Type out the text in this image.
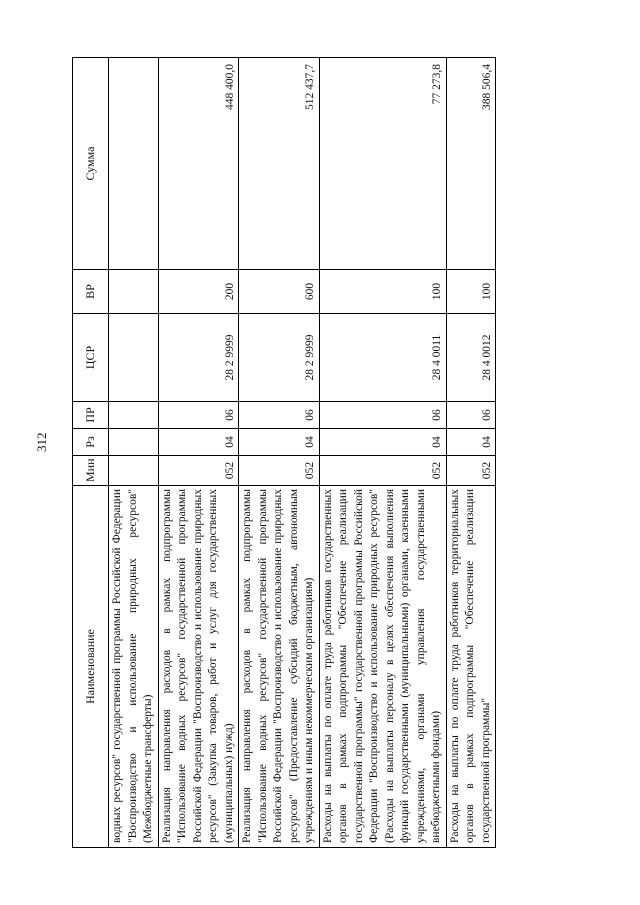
312
Наименование	Мин	Рз	ПР	ЦСР	ВР	Сумма
водных ресурсов" государственной программы Российской Федерации "Воспроизводство и использование природных ресурсов" (Межбюджетные трансферты)						
Реализация направления расходов в рамках подпрограммы "Использование водных ресурсов" государственной программы Российской Федерации "Воспроизводство и использование природных ресурсов" (Закупка товаров, работ и услуг для государственных (муниципальных) нужд)	052	04	06	28 2 9999	200	448 400,0
Реализация направления расходов в рамках подпрограммы "Использование водных ресурсов" государственной программы Российской Федерации "Воспроизводство и использование природных ресурсов" (Предоставление субсидий бюджетным, автономным учреждениям и иным некоммерческим организациям)	052	04	06	28 2 9999	600	512 437,7
Расходы на выплаты по оплате труда работников государственных органов в рамках подпрограммы "Обеспечение реализации государственной программы" государственной программы Российской Федерации "Воспроизводство и использование природных ресурсов" (Расходы на выплаты персоналу в целях обеспечения выполнения функций государственными (муниципальными) органами, казенными учреждениями, органами управления государственными внебюджетными фондами)	052	04	06	28 4 0011	100	77 273,8
Расходы на выплаты по оплате труда работников территориальных органов в рамках подпрограммы "Обеспечение реализации государственной программы"	052	04	06	28 4 0012	100	388 506,4
